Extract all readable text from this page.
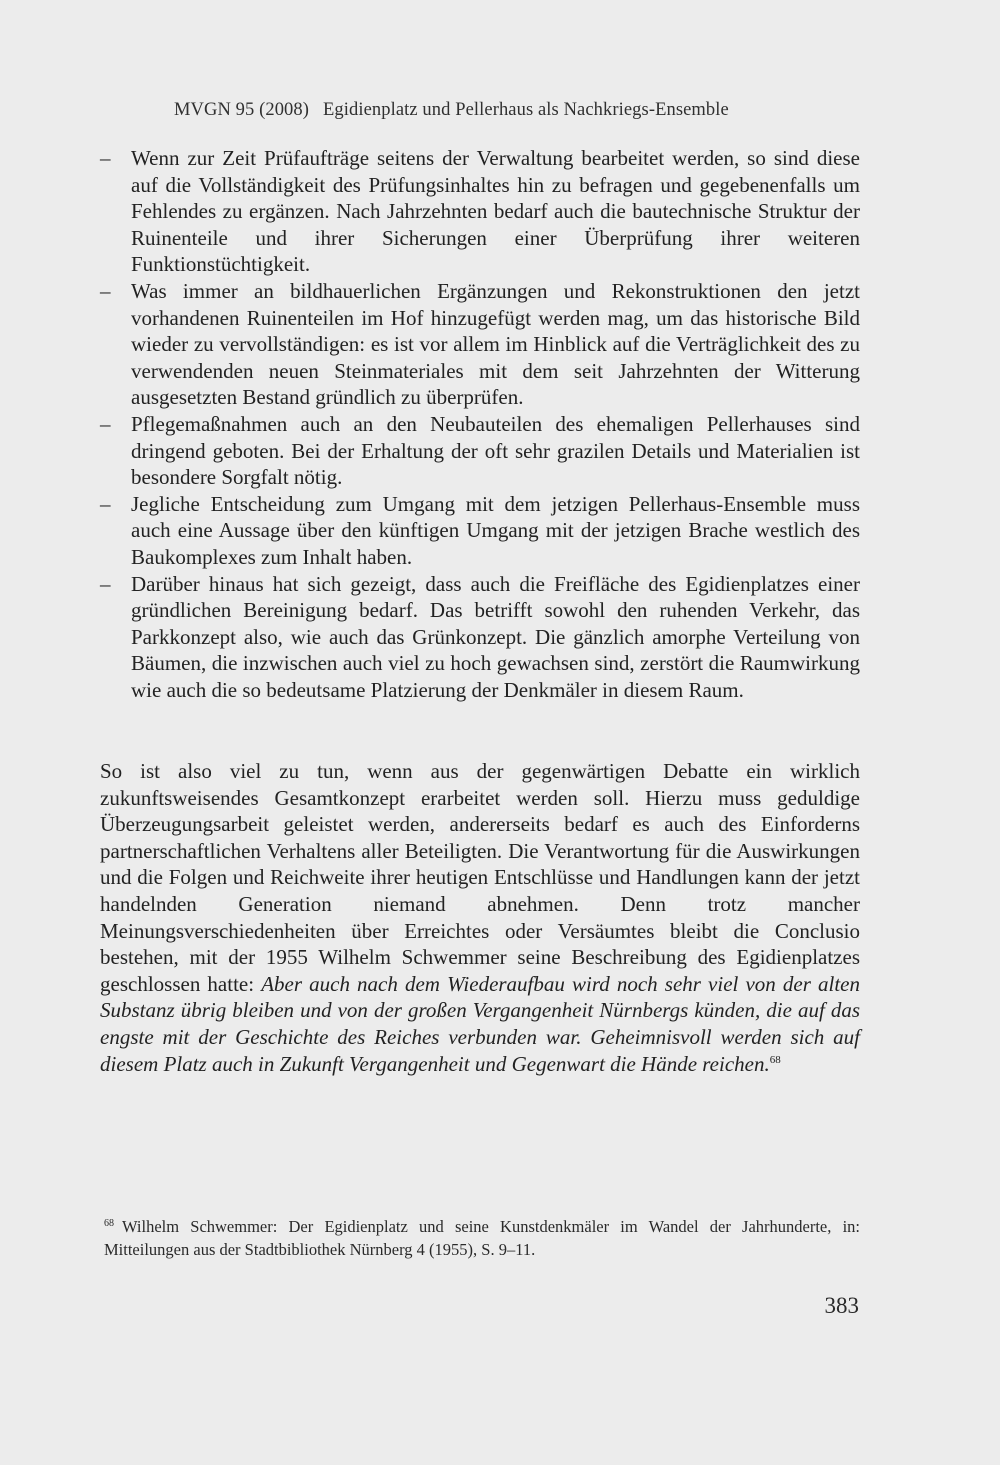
MVGN 95 (2008) Egidienplatz und Pellerhaus als Nachkriegs-Ensemble
– Wenn zur Zeit Prüfaufträge seitens der Verwaltung bearbeitet werden, so sind diese auf die Vollständigkeit des Prüfungsinhaltes hin zu befragen und gegebenenfalls um Fehlendes zu ergänzen. Nach Jahrzehnten bedarf auch die bautechnische Struktur der Ruinenteile und ihrer Sicherungen einer Überprüfung ihrer weiteren Funktionstüchtigkeit.
– Was immer an bildhauerlichen Ergänzungen und Rekonstruktionen den jetzt vorhandenen Ruinenteilen im Hof hinzugefügt werden mag, um das historische Bild wieder zu vervollständigen: es ist vor allem im Hinblick auf die Verträglichkeit des zu verwendenden neuen Steinmateriales mit dem seit Jahrzehnten der Witterung ausgesetzten Bestand gründlich zu überprüfen.
– Pflegemaßnahmen auch an den Neubauteilen des ehemaligen Pellerhauses sind dringend geboten. Bei der Erhaltung der oft sehr grazilen Details und Materialien ist besondere Sorgfalt nötig.
– Jegliche Entscheidung zum Umgang mit dem jetzigen Pellerhaus-Ensemble muss auch eine Aussage über den künftigen Umgang mit der jetzigen Brache westlich des Baukomplexes zum Inhalt haben.
– Darüber hinaus hat sich gezeigt, dass auch die Freifläche des Egidienplatzes einer gründlichen Bereinigung bedarf. Das betrifft sowohl den ruhenden Verkehr, das Parkkonzept also, wie auch das Grünkonzept. Die gänzlich amorphe Verteilung von Bäumen, die inzwischen auch viel zu hoch gewachsen sind, zerstört die Raumwirkung wie auch die so bedeutsame Platzierung der Denkmäler in diesem Raum.

So ist also viel zu tun, wenn aus der gegenwärtigen Debatte ein wirklich zukunftsweisendes Gesamtkonzept erarbeitet werden soll. Hierzu muss geduldige Überzeugungsarbeit geleistet werden, andererseits bedarf es auch des Einforderns partnerschaftlichen Verhaltens aller Beteiligten. Die Verantwortung für die Auswirkungen und die Folgen und Reichweite ihrer heutigen Entschlüsse und Handlungen kann der jetzt handelnden Generation niemand abnehmen. Denn trotz mancher Meinungsverschiedenheiten über Erreichtes oder Versäumtes bleibt die Conclusio bestehen, mit der 1955 Wilhelm Schwemmer seine Beschreibung des Egidienplatzes geschlossen hatte: Aber auch nach dem Wiederaufbau wird noch sehr viel von der alten Substanz übrig bleiben und von der großen Vergangenheit Nürnbergs künden, die auf das engste mit der Geschichte des Reiches verbunden war. Geheimnisvoll werden sich auf diesem Platz auch in Zukunft Vergangenheit und Gegenwart die Hände reichen.$^{68}$

$^{68}$ Wilhelm Schwemmer: Der Egidienplatz und seine Kunstdenkmäler im Wandel der Jahrhunderte, in: Mitteilungen aus der Stadtbibliothek Nürnberg 4 (1955), S. 9–11.
383
